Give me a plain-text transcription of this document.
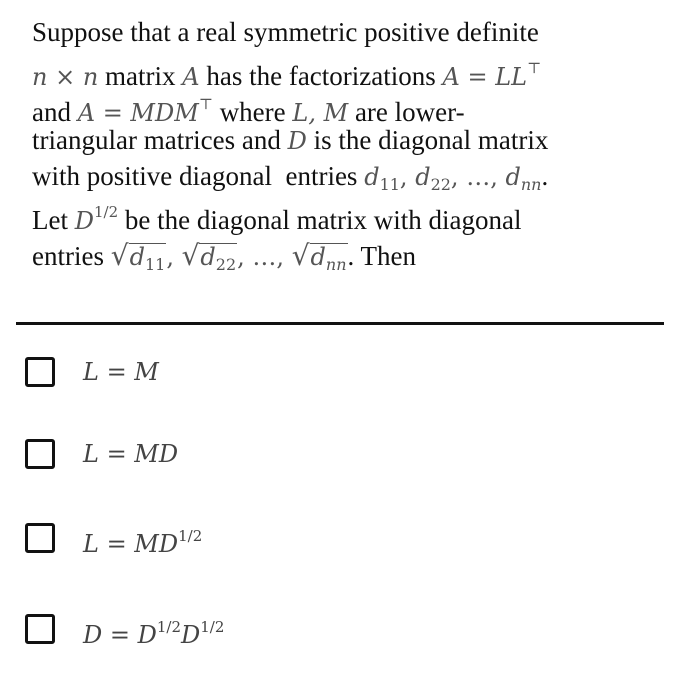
Suppose that a real symmetric positive definite
n × n matrix A has the factorizations A = LL⊤
and A = MDM⊤ where L, M are lower-
triangular matrices and D is the diagonal matrix
with positive diagonal  entries $d_{11}$, $d_{22}$, …, $d_{nn}$.
Let $D^{1/2}$ be the diagonal matrix with diagonal
entries $√d_{11}$, $√d_{22}$, …, $√d_{nn}$. Then
L = M
L = MD
$L = MD^{1/2}$
$D = D^{1/2}D^{1/2}$
